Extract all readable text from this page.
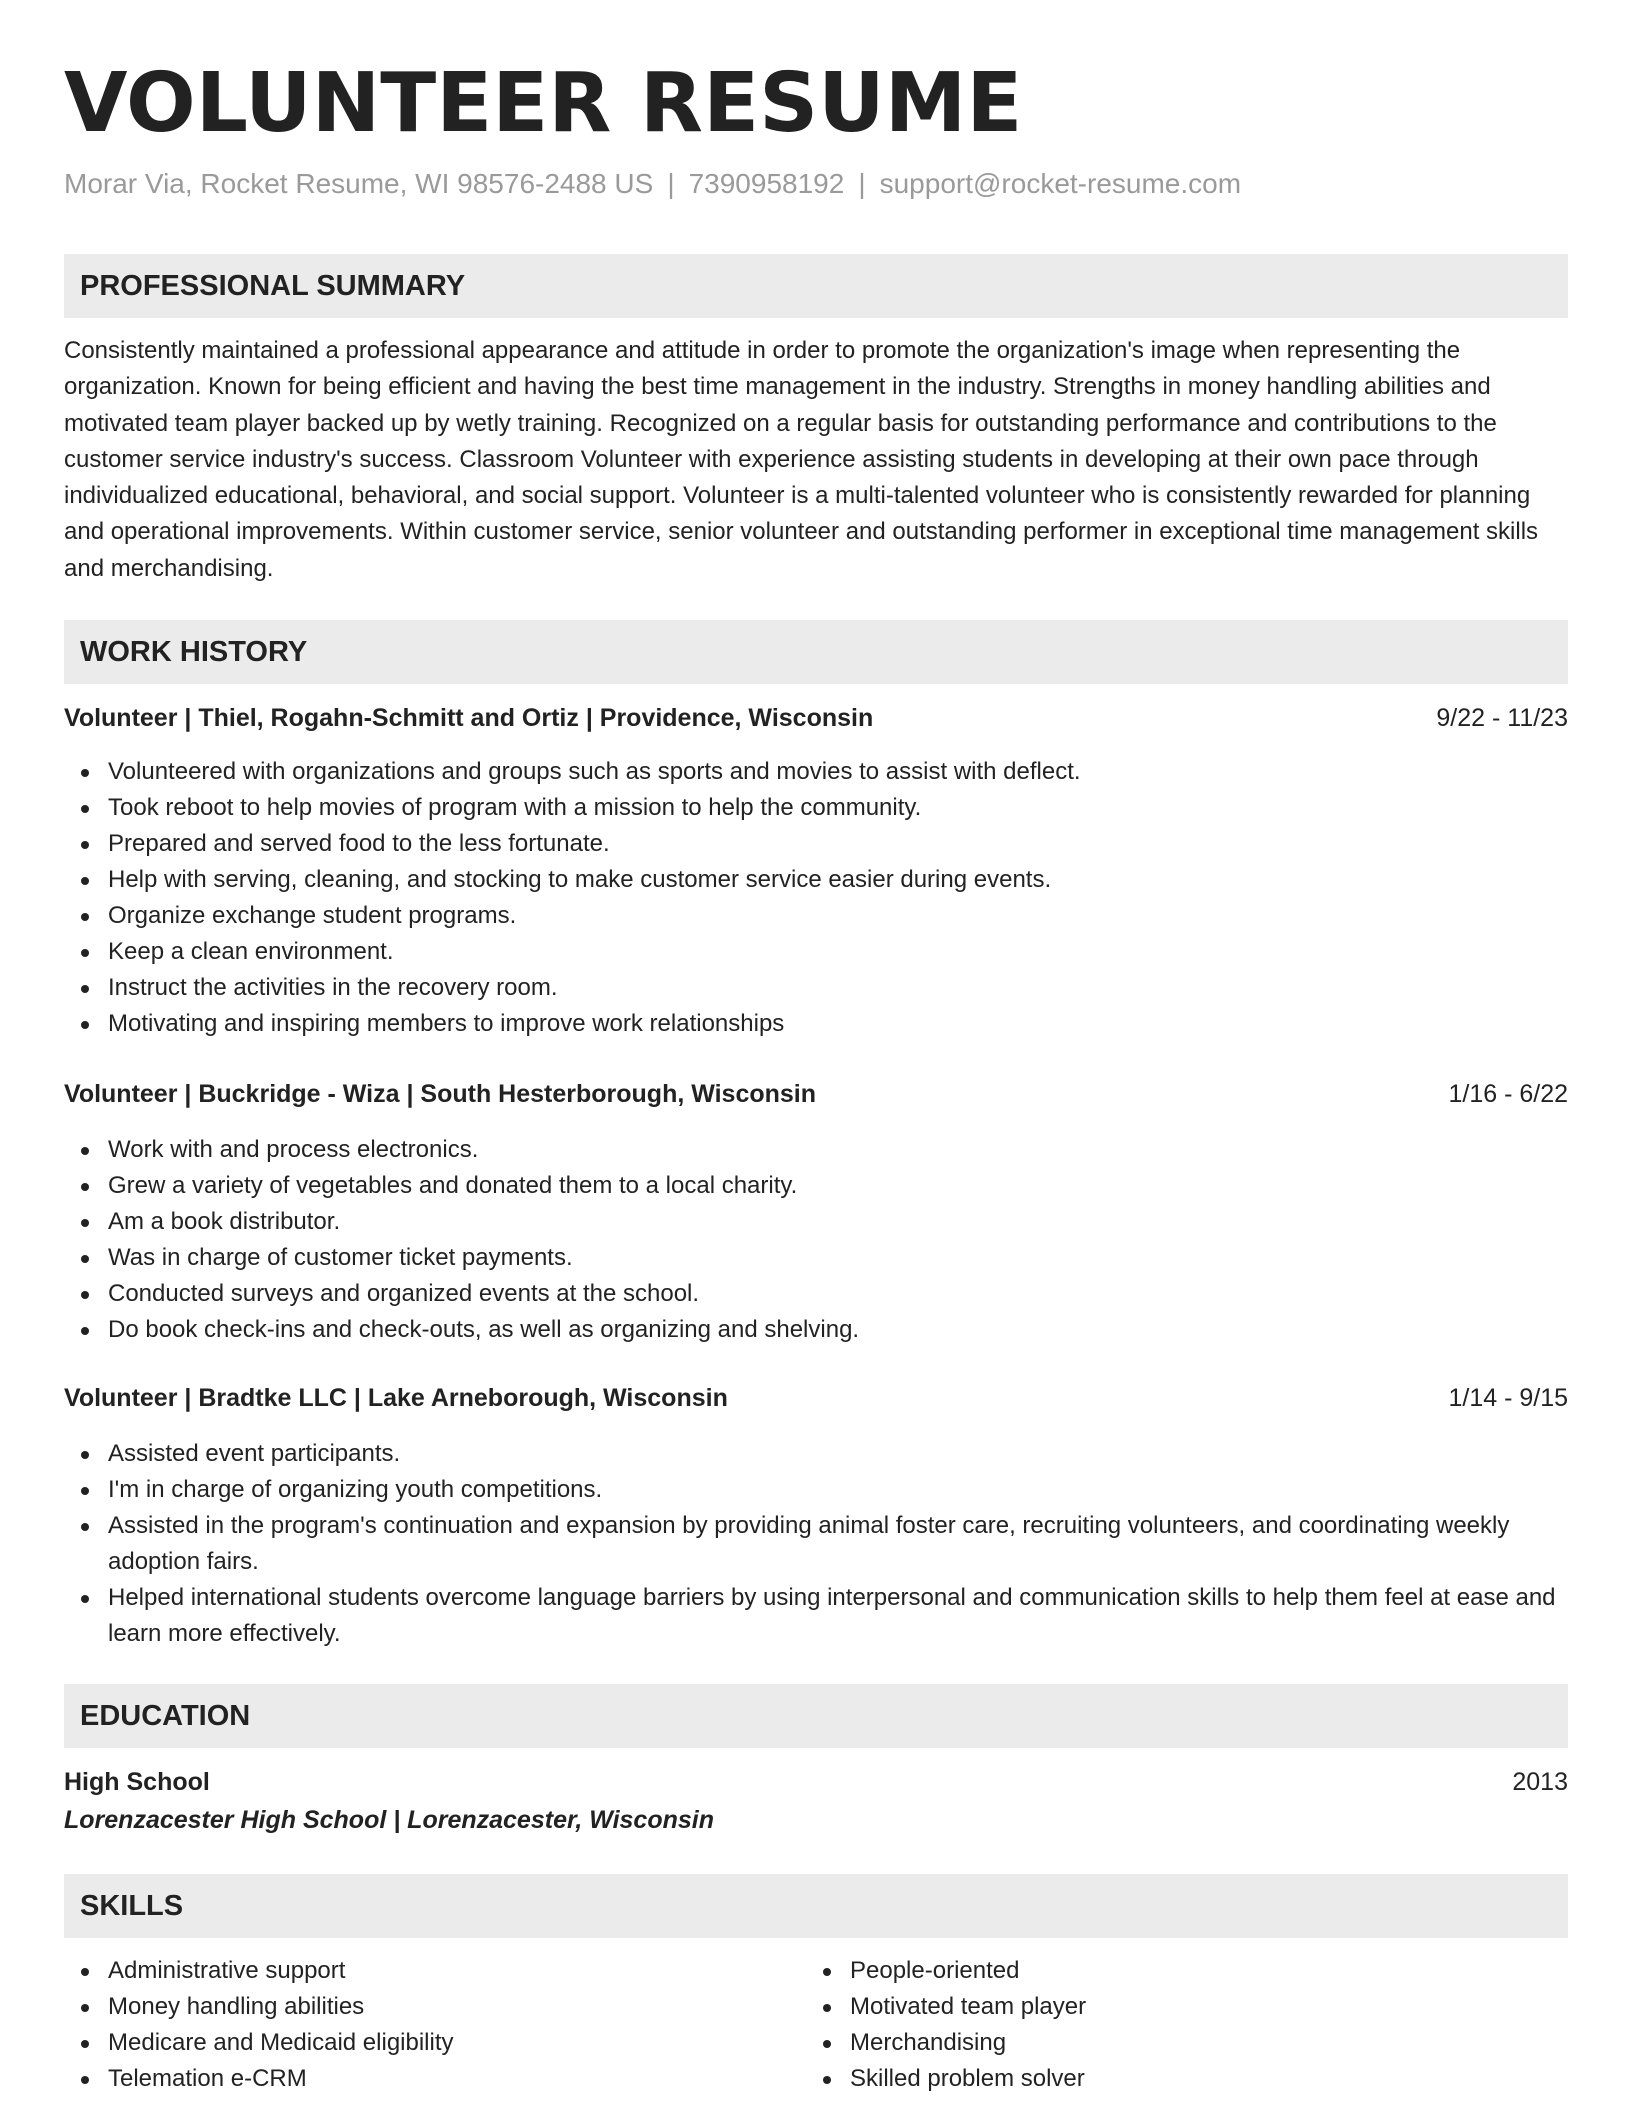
VOLUNTEER RESUME
Morar Via, Rocket Resume, WI 98576-2488 US | 7390958192 | support@rocket-resume.com
PROFESSIONAL SUMMARY

Consistently maintained a professional appearance and attitude in order to promote the organization's image when representing the organization. Known for being efficient and having the best time management in the industry. Strengths in money handling abilities and motivated team player backed up by wetly training. Recognized on a regular basis for outstanding performance and contributions to the customer service industry's success. Classroom Volunteer with experience assisting students in developing at their own pace through individualized educational, behavioral, and social support. Volunteer is a multi-talented volunteer who is consistently rewarded for planning and operational improvements. Within customer service, senior volunteer and outstanding performer in exceptional time management skills and merchandising.

WORK HISTORY
Volunteer | Thiel, Rogahn-Schmitt and Ortiz | Providence, Wisconsin	9/22 - 11/23
Volunteered with organizations and groups such as sports and movies to assist with deflect.
Took reboot to help movies of program with a mission to help the community.
Prepared and served food to the less fortunate.
Help with serving, cleaning, and stocking to make customer service easier during events.
Organize exchange student programs.
Keep a clean environment.
Instruct the activities in the recovery room.
Motivating and inspiring members to improve work relationships
Volunteer | Buckridge - Wiza | South Hesterborough, Wisconsin	1/16 - 6/22
Work with and process electronics.
Grew a variety of vegetables and donated them to a local charity.
Am a book distributor.
Was in charge of customer ticket payments.
Conducted surveys and organized events at the school.
Do book check-ins and check-outs, as well as organizing and shelving.
Volunteer | Bradtke LLC | Lake Arneborough, Wisconsin	1/14 - 9/15
Assisted event participants.
I'm in charge of organizing youth competitions.
Assisted in the program's continuation and expansion by providing animal foster care, recruiting volunteers, and coordinating weekly adoption fairs.
Helped international students overcome language barriers by using interpersonal and communication skills to help them feel at ease and learn more effectively.
EDUCATION
High School	2013
Lorenzacester High School | Lorenzacester, Wisconsin
SKILLS
Administrative support
Money handling abilities
Medicare and Medicaid eligibility
Telemation e-CRM
People-oriented
Motivated team player
Merchandising
Skilled problem solver
